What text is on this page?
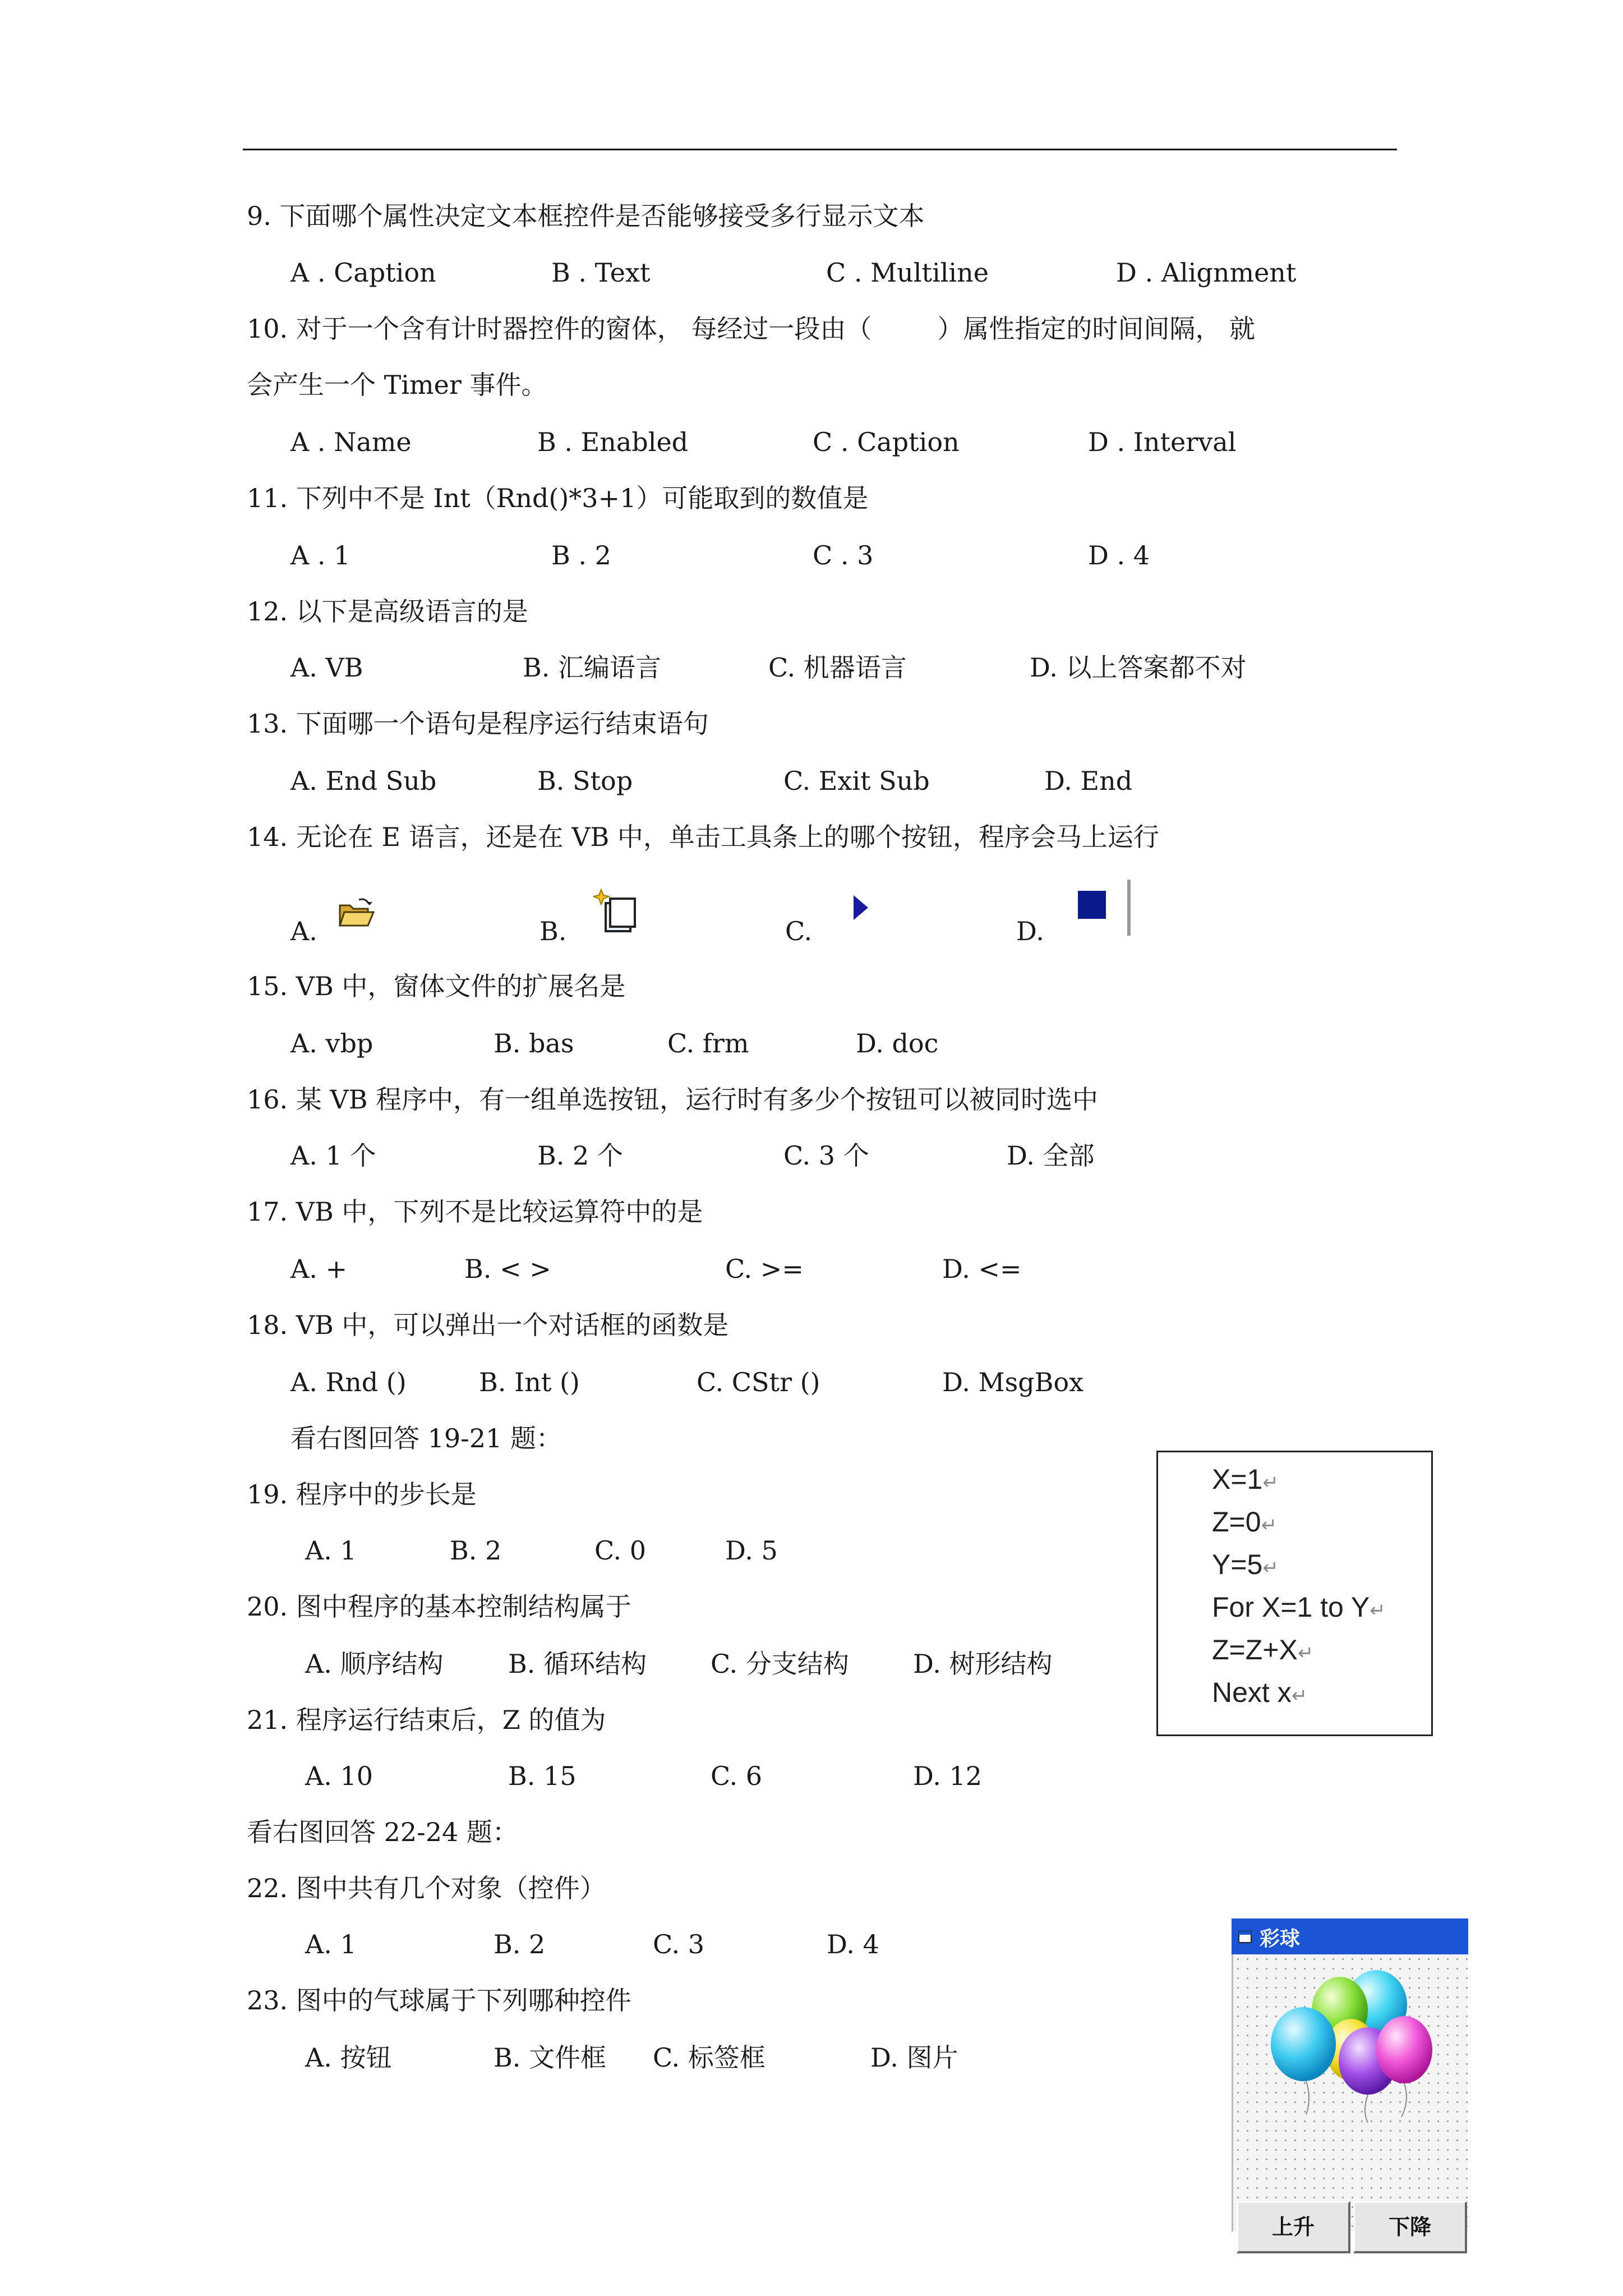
9. 下面哪个属性决定文本框控件是否能够接受多行显示文本
A . Caption	B . Text	C . Multiline	D . Alignment
10. 对于一个含有计时器控件的窗体， 每经过一段由（        ）属性指定的时间间隔， 就
会产生一个 Timer 事件。
A . Name	B . Enabled	C . Caption	D . Interval
11. 下列中不是 Int（Rnd()*3+1）可能取到的数值是
A . 1	B . 2	C . 3	D . 4
12. 以下是高级语言的是
A. VB	B. 汇编语言	C. 机器语言	D. 以上答案都不对
13. 下面哪一个语句是程序运行结束语句
A. End Sub	B. Stop	C. Exit Sub	D. End
14. 无论在 E 语言，还是在 VB 中，单击工具条上的哪个按钮，程序会马上运行
A.	B.	C.	D.
15. VB 中，窗体文件的扩展名是
A. vbp	B. bas	C. frm	D. doc
16. 某 VB 程序中，有一组单选按钮，运行时有多少个按钮可以被同时选中
A. 1 个	B. 2 个	C. 3 个	D. 全部
17. VB 中，下列不是比较运算符中的是
A. +	B. < >	C. >=	D. <=
18. VB 中，可以弹出一个对话框的函数是
A. Rnd ()	B. Int ()	C. CStr ()	D. MsgBox
看右图回答 19-21 题：
19. 程序中的步长是
A. 1	B. 2	C. 0	D. 5
20. 图中程序的基本控制结构属于
A. 顺序结构	B. 循环结构 C. 分支结构 D. 树形结构
21. 程序运行结束后，Z 的值为
A. 10	B. 15	C. 6	D. 12
X=1↵
Z=0↵
Y=5↵
For X=1 to Y↵
Z=Z+X↵
Next x↵
看右图回答 22-24 题：
22. 图中共有几个对象（控件）
A. 1	B. 2	C. 3	D. 4
23. 图中的气球属于下列哪种控件
A. 按钮	B. 文件框 C. 标签框	D. 图片
彩球
上升	下降
